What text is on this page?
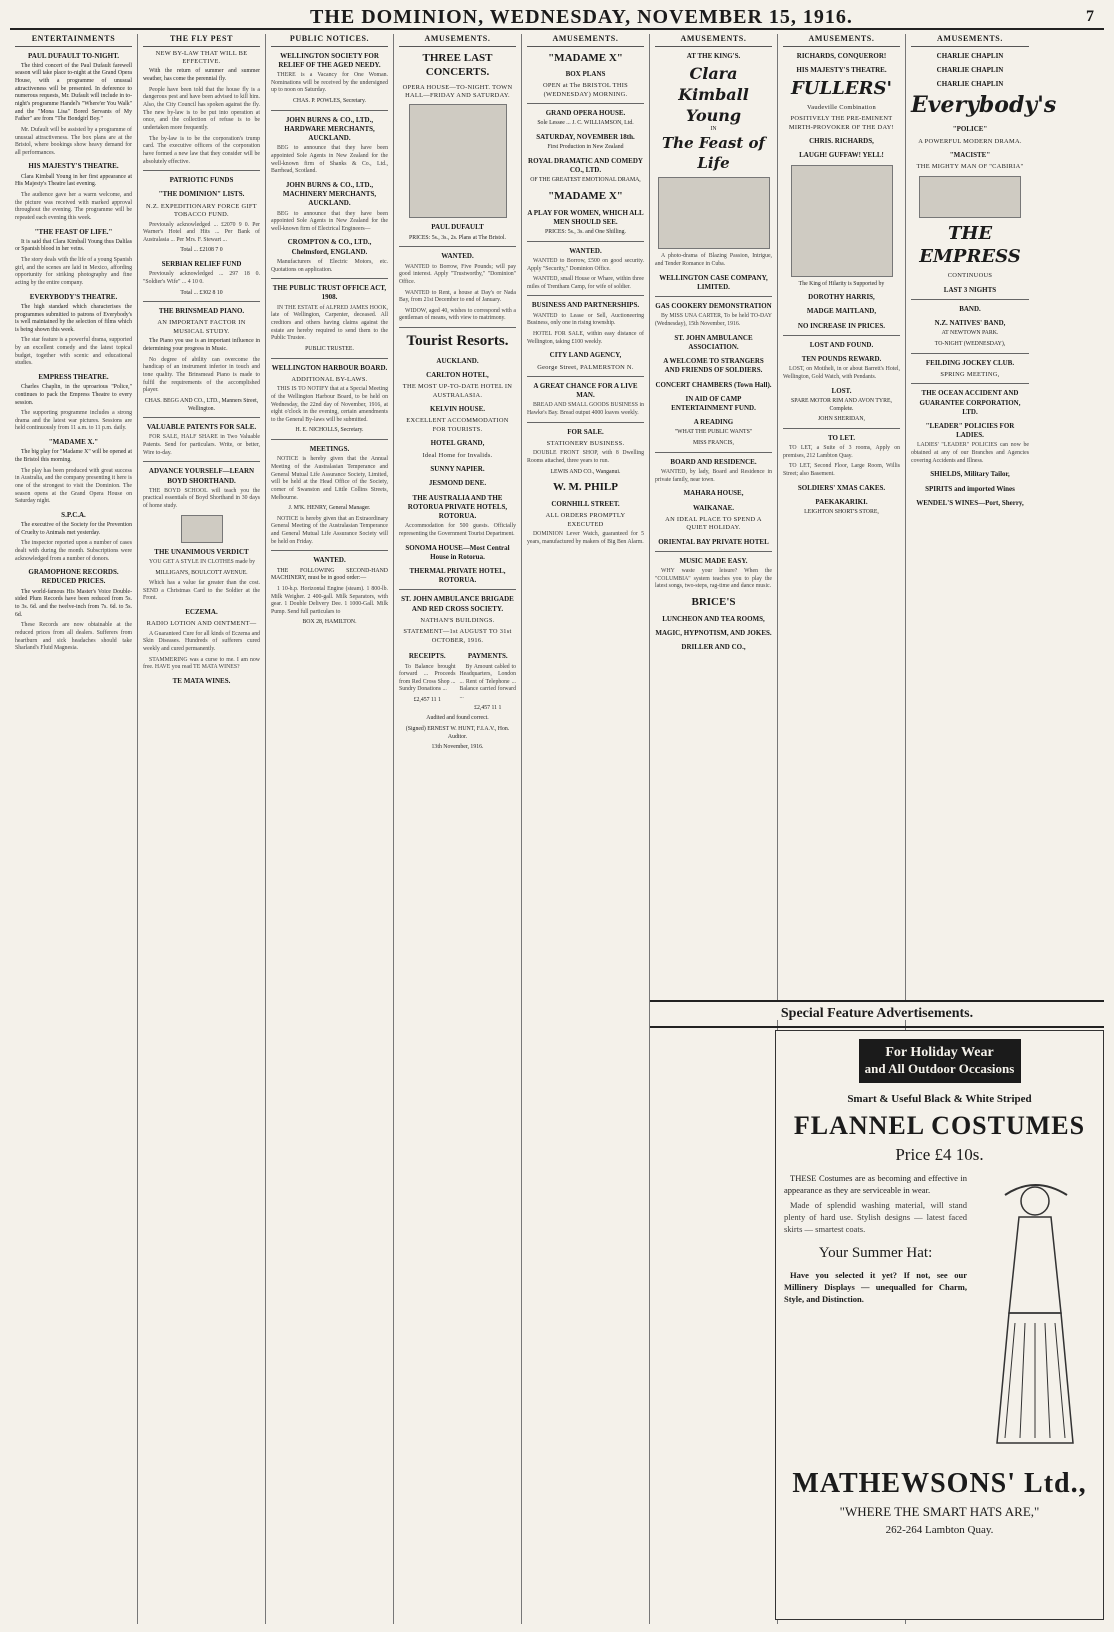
THE DOMINION, WEDNESDAY, NOVEMBER 15, 1916.	7
ENTERTAINMENTS
PAUL DUFAULT TO-NIGHT.

The third concert of the Paul Dufault farewell season will take place to-night at the Grand Opera House, with a programme of unusual attractiveness will be presented. In deference to numerous requests, Mr. Dufault will include in to-night's programme Handel's "Where'er You Walk" and the "Mona Lisa" Bored Servants of My Father" are from "The Bondgirl Boy."

Mr. Dufault will be assisted by a programme of unusual attractiveness. The box plans are at the Bristol, where bookings show heavy demand for all performances.

HIS MAJESTY'S THEATRE.

Clara Kimball Young in her first appearance at His Majesty's Theatre last evening.

The audience gave her a warm welcome, and the picture was received with marked approval throughout the evening. The programme will be repeated each evening this week.

"THE FEAST OF LIFE."

It is said that Clara Kimball Young thus Dalilas or Spanish blood in her veins.

The story deals with the life of a young Spanish girl, and the scenes are laid in Mexico, affording opportunity for striking photography and fine acting by the entire company.

EVERYBODY'S THEATRE.

The high standard which characterises the programmes submitted to patrons of Everybody's is well maintained by the selection of films which is being shown this week.

The star feature is a powerful drama, supported by an excellent comedy and the latest topical budget, together with scenic and educational studies.

EMPRESS THEATRE.

Charles Chaplin, in the uproarious "Police," continues to pack the Empress Theatre to every session.

The supporting programme includes a strong drama and the latest war pictures. Sessions are held continuously from 11 a.m. to 11 p.m. daily.

"MADAME X."

The big play for "Madame X" will be opened at the Bristol this morning.

The play has been produced with great success in Australia, and the company presenting it here is one of the strongest to visit the Dominion. The season opens at the Grand Opera House on Saturday night.

S.P.C.A.

The executive of the Society for the Prevention of Cruelty to Animals met yesterday.

The inspector reported upon a number of cases dealt with during the month. Subscriptions were acknowledged from a number of donors.

GRAMOPHONE RECORDS. REDUCED PRICES.

The world-famous His Master's Voice Double-sided Plum Records have been reduced from 5s. to 3s. 6d. and the twelve-inch from 7s. 6d. to 5s. 6d.

These Records are now obtainable at the reduced prices from all dealers. Sufferers from heartburn and sick headaches should take Sharland's Fluid Magnesia.

THE FLY PEST
NEW BY-LAW THAT WILL BE EFFECTIVE.

With the return of summer and summer weather, has come the perennial fly.

People have been told that the house fly is a dangerous pest and have been advised to kill him. Also, the City Council has spoken against the fly. The new by-law is to be put into operation at once, and the collection of refuse is to be undertaken more frequently.

The by-law is to be the corporation's trump card. The executive officers of the corporation have formed a new law that they consider will be absolutely effective.

PATRIOTIC FUNDS
"THE DOMINION" LISTS.
N.Z. EXPEDITIONARY FORCE GIFT TOBACCO FUND.

Previously acknowledged ... £2070 9 0. Per Warner's Hotel and Hits ... Per Bank of Australasia ... Per Mrs. F. Stewart ...

Total ... £2108 7 0

SERBIAN RELIEF FUND

Previously acknowledged ... 297 18 0. "Soldier's Wife" ... 4 10 0.

Total ... £302 8 10

THE BRINSMEAD PIANO.
AN IMPORTANT FACTOR IN MUSICAL STUDY.

The Piano you use is an important influence in determining your progress in Music.

No degree of ability can overcome the handicap of an instrument inferior in touch and tone quality. The Brinsmead Piano is made to fulfil the requirements of the accomplished player.

CHAS. BEGG AND CO., LTD., Manners Street, Wellington.

VALUABLE PATENTS FOR SALE.

FOR SALE, HALF SHARE in Two Valuable Patents. Send for particulars. Write, or better, Wire to-day.

ADVANCE YOURSELF—LEARN BOYD SHORTHAND.

THE BOYD SCHOOL will teach you the practical essentials of Boyd Shorthand in 30 days of home study.

THE UNANIMOUS VERDICT

YOU GET A STYLE IN CLOTHES made by

MILLIGAN'S, BOULCOTT AVENUE.

Which has a value far greater than the cost. SEND a Christmas Card to the Soldier at the Front.

ECZEMA.
RADIO LOTION AND OINTMENT—

A Guaranteed Cure for all kinds of Eczema and Skin Diseases. Hundreds of sufferers cured weekly and cured permanently.

STAMMERING was a curse to me. I am now free. HAVE you read TE MATA WINES?

TE MATA WINES.
PUBLIC NOTICES.
WELLINGTON SOCIETY FOR RELIEF OF THE AGED NEEDY.

THERE is a Vacancy for One Woman. Nominations will be received by the undersigned up to noon on Saturday.

CHAS. P. POWLES, Secretary.

JOHN BURNS & CO., LTD., HARDWARE MERCHANTS, AUCKLAND.

BEG to announce that they have been appointed Sole Agents in New Zealand for the well-known firm of Shanks & Co., Ltd., Barrhead, Scotland.

JOHN BURNS & CO., LTD., MACHINERY MERCHANTS, AUCKLAND.

BEG to announce that they have been appointed Sole Agents in New Zealand for the well-known firm of Electrical Engineers—

CROMPTON & CO., LTD., Chelmsford, ENGLAND.

Manufacturers of Electric Motors, etc. Quotations on application.

THE PUBLIC TRUST OFFICE ACT, 1908.

IN THE ESTATE of ALFRED JAMES HOOK, late of Wellington, Carpenter, deceased. All creditors and others having claims against the estate are hereby required to send them to the Public Trustee.

PUBLIC TRUSTEE.

WELLINGTON HARBOUR BOARD.
ADDITIONAL BY-LAWS.

THIS IS TO NOTIFY that at a Special Meeting of the Wellington Harbour Board, to be held on Wednesday, the 22nd day of November, 1916, at eight o'clock in the evening, certain amendments to the General By-laws will be submitted.

H. E. NICHOLLS, Secretary.

MEETINGS.

NOTICE is hereby given that the Annual Meeting of the Australasian Temperance and General Mutual Life Assurance Society, Limited, will be held at the Head Office of the Society, corner of Swanston and Little Collins Streets, Melbourne.

J. M'K. HENRY, General Manager.

NOTICE is hereby given that an Extraordinary General Meeting of the Australasian Temperance and General Mutual Life Assurance Society will be held on Friday.

WANTED.

THE FOLLOWING SECOND-HAND MACHINERY, must be in good order:—

1 10-h.p. Horizontal Engine (steam). 1 800-lb. Milk Weigher. 2 400-gall. Milk Separators, with gear. 1 Double Delivery Dee. 1 1000-Gall. Milk Pump. Send full particulars to

BOX 28, HAMILTON.

AMUSEMENTS.
THREE LAST CONCERTS.
OPERA HOUSE—TO-NIGHT. TOWN HALL—FRIDAY AND SATURDAY.
PAUL DUFAULT

PRICES: 5s., 3s., 2s. Plans at The Bristol.

WANTED.

WANTED to Borrow, Five Pounds; will pay good interest. Apply "Trustworthy," "Dominion" Office.

WANTED to Rent, a house at Day's or Nada Bay, from 21st December to end of January.

WIDOW, aged 40, wishes to correspond with a gentleman of means, with view to matrimony.

Tourist Resorts.
AUCKLAND.
CARLTON HOTEL,
THE MOST UP-TO-DATE HOTEL IN AUSTRALASIA.
KELVIN HOUSE.
EXCELLENT ACCOMMODATION FOR TOURISTS.
HOTEL GRAND,
Ideal Home for Invalids.
SUNNY NAPIER.
JESMOND DENE.
THE AUSTRALIA AND THE ROTORUA PRIVATE HOTELS, ROTORUA.

Accommodation for 500 guests. Officially representing the Government Tourist Department.

SONOMA HOUSE—Most Central House in Rotorua.
THERMAL PRIVATE HOTEL, ROTORUA.
ST. JOHN AMBULANCE BRIGADE AND RED CROSS SOCIETY.
NATHAN'S BUILDINGS.
STATEMENT—1st AUGUST TO 31st OCTOBER, 1916.
RECEIPTS.

To Balance brought forward ... Proceeds from Red Cross Shop ... Sundry Donations ...

£2,457 11 1

PAYMENTS.

By Amount cabled to Headquarters, London ... Rent of Telephone ... Balance carried forward ...

£2,457 11 1

Audited and found correct.

(Signed) ERNEST W. HUNT, F.I.A.V., Hon. Auditor.

13th November, 1916.

AMUSEMENTS.
"MADAME X"
BOX PLANS
OPEN at The BRISTOL THIS (WEDNESDAY) MORNING.
GRAND OPERA HOUSE.

Sole Lessee ... J. C. WILLIAMSON, Ltd.

SATURDAY, NOVEMBER 18th.

First Production in New Zealand

ROYAL DRAMATIC AND COMEDY CO., LTD.

OF THE GREATEST EMOTIONAL DRAMA,

"MADAME X"
A PLAY FOR WOMEN, WHICH ALL MEN SHOULD SEE.

PRICES: 5s., 3s. and One Shilling.

WANTED.

WANTED to Borrow, £500 on good security. Apply "Security," Dominion Office.

WANTED, small House or Whare, within three miles of Trentham Camp, for wife of soldier.

BUSINESS AND PARTNERSHIPS.

WANTED to Lease or Sell, Auctioneering Business, only one in rising township.

HOTEL FOR SALE, within easy distance of Wellington, taking £100 weekly.

CITY LAND AGENCY,
George Street, PALMERSTON N.
A GREAT CHANCE FOR A LIVE MAN.

BREAD AND SMALL GOODS BUSINESS in Hawke's Bay. Bread output 4000 loaves weekly.

FOR SALE.
STATIONERY BUSINESS.

DOUBLE FRONT SHOP, with 8 Dwelling Rooms attached, three years to run.

LEWIS AND CO., Wanganui.

W. M. PHILP
CORNHILL STREET.
ALL ORDERS PROMPTLY EXECUTED

DOMINION Lever Watch, guaranteed for 5 years, manufactured by makers of Big Ben Alarm.

AMUSEMENTS.
AT THE KING'S.
Clara Kimball Young
IN
The Feast of Life

A photo-drama of Blazing Passion, Intrigue, and Tender Romance in Cuba.

WELLINGTON CASE COMPANY, LIMITED.
GAS COOKERY DEMONSTRATION

By MISS UNA CARTER, To be held TO-DAY (Wednesday), 15th November, 1916.

ST. JOHN AMBULANCE ASSOCIATION.
A WELCOME TO STRANGERS AND FRIENDS OF SOLDIERS.
CONCERT CHAMBERS (Town Hall).
IN AID OF CAMP ENTERTAINMENT FUND.
A READING

"WHAT THE PUBLIC WANTS"

MISS FRANCIS,

BOARD AND RESIDENCE.

WANTED, by lady, Board and Residence in private family, near town.

MAHARA HOUSE,
WAIKANAE.
AN IDEAL PLACE TO SPEND A QUIET HOLIDAY.
ORIENTAL BAY PRIVATE HOTEL
MUSIC MADE EASY.

WHY waste your leisure? When the "COLUMBIA" system teaches you to play the latest songs, two-steps, rag-time and dance music.

BRICE'S
LUNCHEON AND TEA ROOMS,
MAGIC, HYPNOTISM, AND JOKES.
DRILLER AND CO.,
AMUSEMENTS.
RICHARDS, CONQUEROR!
HIS MAJESTY'S THEATRE.
FULLERS'
Vaudeville Combination
POSITIVELY THE PRE-EMINENT MIRTH-PROVOKER OF THE DAY!
CHRIS. RICHARDS,
LAUGH! GUFFAW! YELL!

The King of Hilarity is Supported by

DOROTHY HARRIS,
MADGE MAITLAND,
NO INCREASE IN PRICES.
LOST AND FOUND.
TEN POUNDS REWARD.

LOST, on Motiheli, in or about Barrett's Hotel, Wellington, Gold Watch, with Pendants.

LOST.

SPARE MOTOR RIM AND AVON TYRE, Complete.

JOHN SHERIDAN,

TO LET.

TO LET, a Suite of 3 rooms, Apply on premises, 212 Lambton Quay.

TO LET, Second Floor, Large Room, Willis Street; also Basement.

SOLDIERS' XMAS CAKES.
PAEKAKARIKI.

LEIGHTON SHORT'S STORE,

AMUSEMENTS.
CHARLIE CHAPLIN
CHARLIE CHAPLIN
CHARLIE CHAPLIN
Everybody's
"POLICE"
A POWERFUL MODERN DRAMA.
"MACISTE"
THE MIGHTY MAN OF "CABIRIA"
THE EMPRESS
CONTINUOUS
LAST 3 NIGHTS
BAND.
N.Z. NATIVES' BAND,

AT NEWTOWN PARK.

TO-NIGHT (WEDNESDAY),

FEILDING JOCKEY CLUB.
SPRING MEETING,
THE OCEAN ACCIDENT AND GUARANTEE CORPORATION, LTD.
"LEADER" POLICIES FOR LADIES.

LADIES' "LEADER" POLICIES can now be obtained at any of our Branches and Agencies covering Accidents and Illness.

SHIELDS, Military Tailor,
SPIRITS and imported Wines
WENDEL'S WINES—Port, Sherry,
Special Feature Advertisements.
For Holiday Wear
and All Outdoor Occasions
Smart & Useful Black & White Striped
FLANNEL COSTUMES
Price £4 10s.

THESE Costumes are as becoming and effective in appearance as they are serviceable in wear.

Made of splendid washing material, will stand plenty of hard use. Stylish designs — latest faced skirts — smartest coats.

Your Summer Hat:

Have you selected it yet? If not, see our Millinery Displays — unequalled for Charm, Style, and Distinction.

MATHEWSONS' Ltd.,
"WHERE THE SMART HATS ARE,"
262-264 Lambton Quay.
